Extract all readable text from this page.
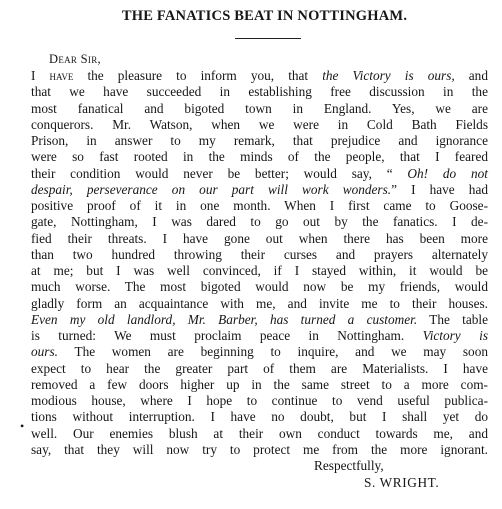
THE FANATICS BEAT IN NOTTINGHAM.
Dear Sir,
I have the pleasure to inform you, that the Victory is ours, and
that we have succeeded in establishing free discussion in the
most fanatical and bigoted town in England. Yes, we are
conquerors. Mr. Watson, when we were in Cold Bath Fields
Prison, in answer to my remark, that prejudice and ignorance
were so fast rooted in the minds of the people, that I feared
their condition would never be better; would say, “ Oh! do not
despair, perseverance on our part will work wonders.” I have had
positive proof of it in one month. When I first came to Goose-
gate, Nottingham, I was dared to go out by the fanatics. I de-
fied their threats. I have gone out when there has been more
than two hundred throwing their curses and prayers alternately
at me; but I was well convinced, if I stayed within, it would be
much worse. The most bigoted would now be my friends, would
gladly form an acquaintance with me, and invite me to their houses.
Even my old landlord, Mr. Barber, has turned a customer. The table
is turned: We must proclaim peace in Nottingham. Victory is
ours. The women are beginning to inquire, and we may soon
expect to hear the greater part of them are Materialists. I have
removed a few doors higher up in the same street to a more com-
modious house, where I hope to continue to vend useful publica-
tions without interruption. I have no doubt, but I shall yet do
well. Our enemies blush at their own conduct towards me, and
say, that they will now try to protect me from the more ignorant.
Respectfully,
S. WRIGHT.
•
